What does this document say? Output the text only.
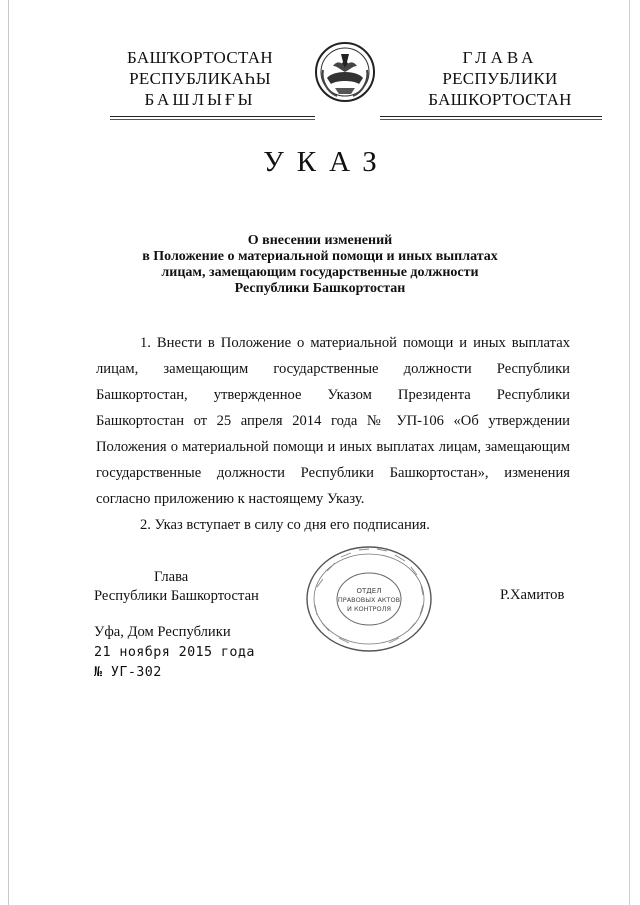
БАШҠОРТОСТАН
РЕСПУБЛИКАҺЫ
БАШЛЫҒЫ
ГЛАВА
РЕСПУБЛИКИ
БАШКОРТОСТАН
УКАЗ
О внесении изменений
в Положение о материальной помощи и иных выплатах
лицам, замещающим государственные должности
Республики Башкортостан

1. Внести в Положение о материальной помощи и иных выплатах лицам, замещающим государственные должности Республики Башкортостан, утвержденное Указом Президента Республики Башкортостан от 25 апреля 2014 года № УП-106 «Об утверждении Положения о материальной помощи и иных выплатах лицам, замещающим государственные должности Республики Башкортостан», изменения согласно приложению к настоящему Указу.

2. Указ вступает в силу со дня его подписания.

Глава
Республики Башкортостан	ОТДЕЛ
ПРАВОВЫХ АКТОВ
И КОНТРОЛЯ
Р.Хамитов
Уфа, Дом Республики
21 ноября 2015 года
№ УГ-302
